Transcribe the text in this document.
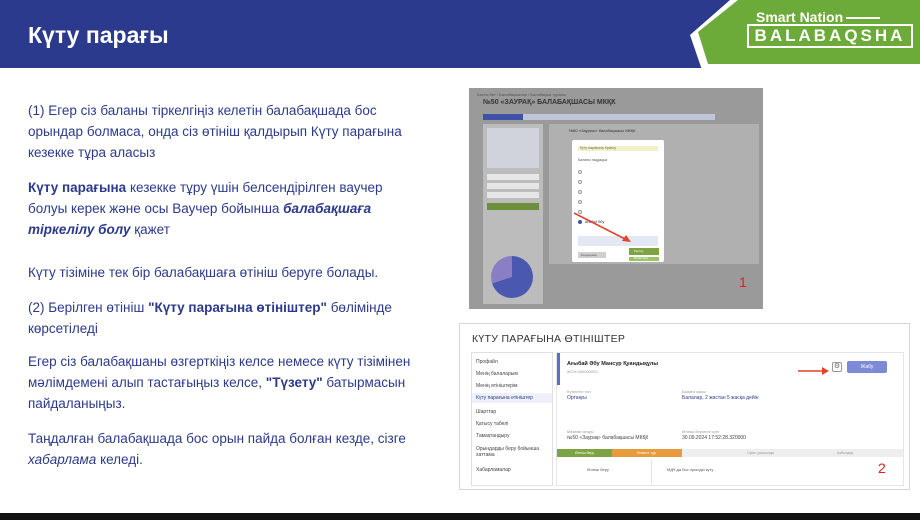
Күту парағы
Smart Nation
BALABAQSHA

(1) Егер сіз баланы тіркелгіңіз келетін балабақшада бос орындар болмаса, онда сіз өтініш қалдырып Күту парағына кезекке тұра аласыз

Күту парағына кезекке тұру үшін белсендірілген ваучер болуы керек және осы Ваучер бойынша балабақшаға тіркелілу болу қажет

Күту тізіміне тек бір балабақшаға өтініш беруге болады.

(2) Берілген өтініш "Күту парағына өтініштер" бөлімінде көрсетіледі

Егер сіз балабақшаны өзгерткіңіз келсе немесе күту тізімінен мәлімдемені алып тастағыңыз келсе, "Түзету" батырмасын пайдаланыңыз.

Таңдалған балабақшада бос орын пайда болған кезде, сізге хабарлама келеді.

Басты бет / Балабақшалар / Балабақша туралы
№50 «ЗАУРАҚ» БАЛАБАҚШАСЫ МКҚК
№50 «Зауреш» балабақшасы МКҚК
Күту парағына тіркелу
Баланы таңдаңыз
Ағыбай Әбу
Растау
Болдырмау
Өтініш беру
1
КҮТУ ПАРАҒЫНА ӨТІНІШТЕР
Профайл
Менің балаларым
Менің өтініштерім
Күту парағына өтініштер
Шарттар
Қатысу табелі
Тамақтандыру
Орындарды беру бойынша хаттама
Хабарламалар
Ағыбай Әбу Мансур Қуандықұлы
ЖСН:000000000
⚙	Жабу
Күтілетін топ
Ортаңғы
Балаға жасы
Балалар, 2 жастан 5 жасқа дейін
Мекеме атауы
№50 «Заурақ» балабақшасы МКҚК
Өтініш берілген күні
30.09.2024 17:52:28.320000
Өтініш беру	Кезекте тұр	Орын ұсынылды	Қабылдау
Өтініш беру	МДҰ-да бос орынды күту	2
